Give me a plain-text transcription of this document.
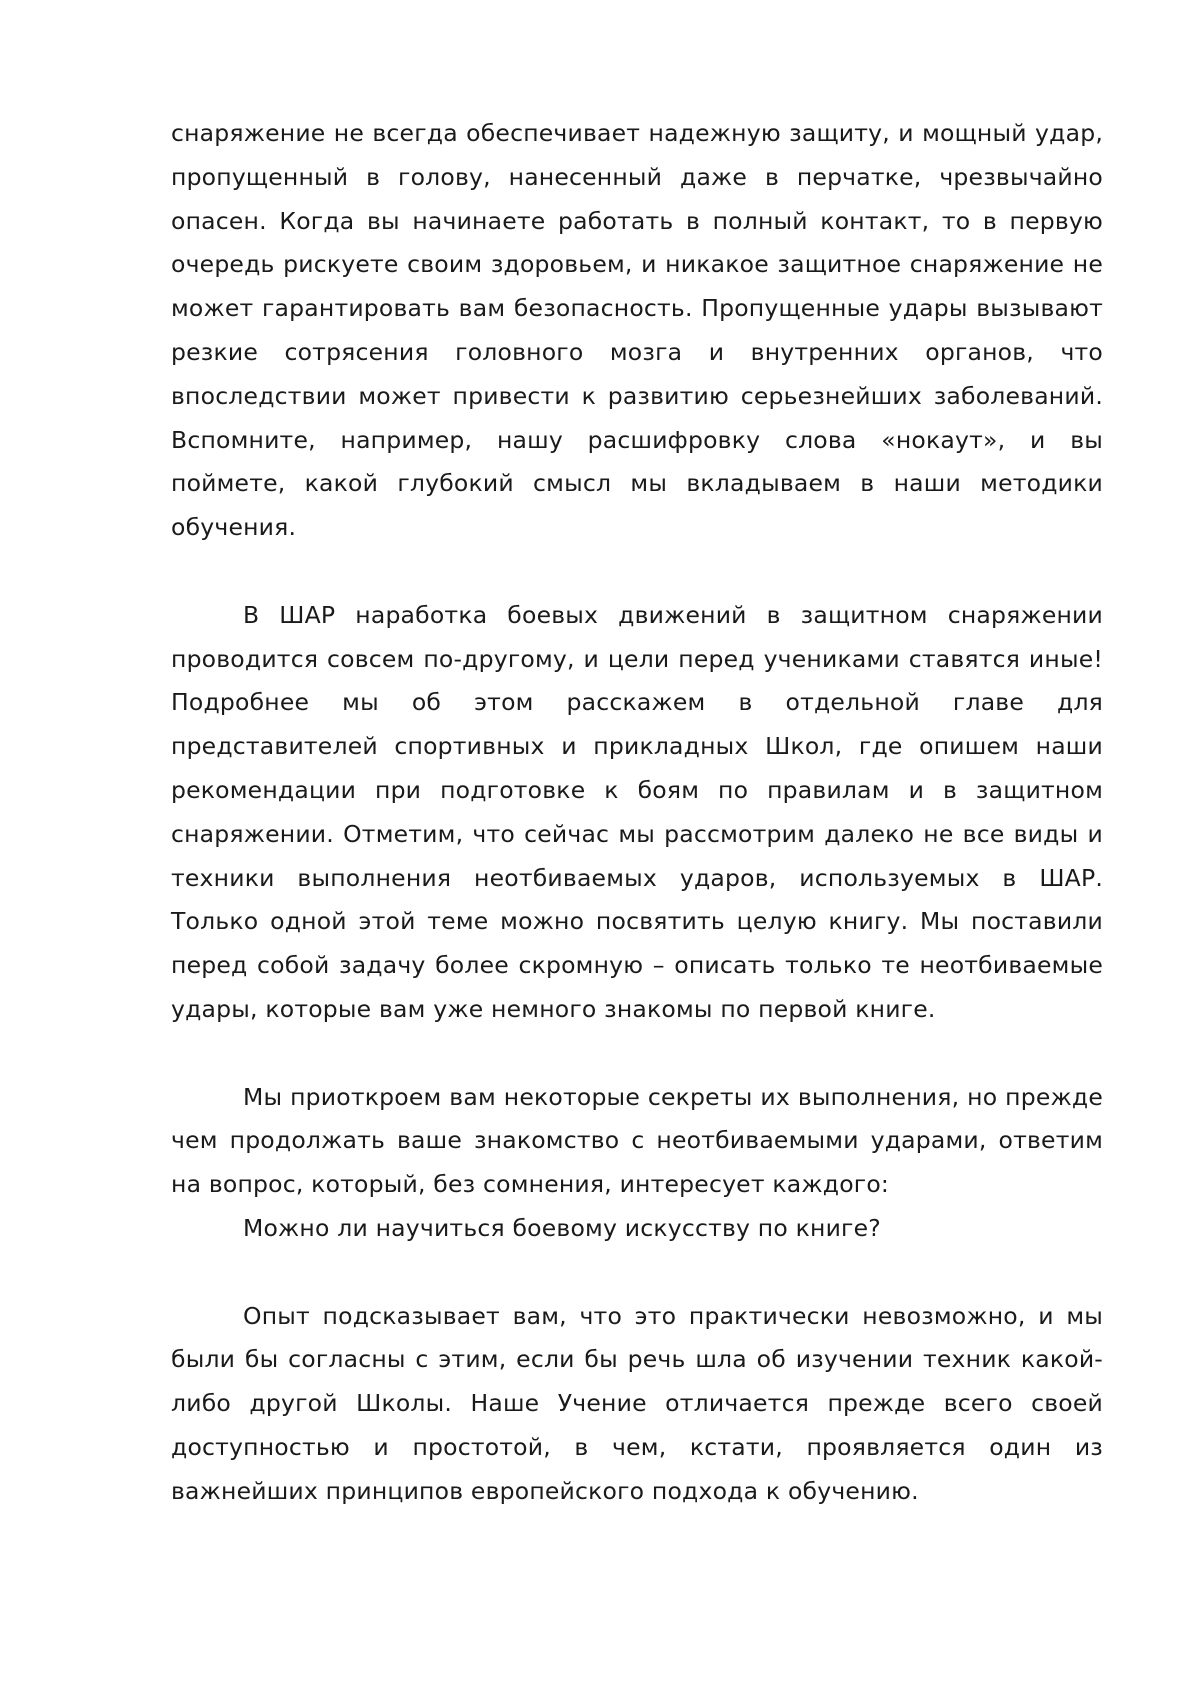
снаряжение не всегда обеспечивает надежную защиту, и мощный удар, пропущенный в голову, нанесенный даже в перчатке, чрезвычайно опасен. Когда вы начинаете работать в полный контакт, то в первую очередь рискуете своим здоровьем, и никакое защитное снаряжение не может гарантировать вам безопасность. Пропущенные удары вызывают резкие сотрясения головного мозга и внутренних органов, что впоследствии может привести к развитию серьезнейших заболеваний. Вспомните, например, нашу расшифровку слова «нокаут», и вы поймете, какой глубокий смысл мы вкладываем в наши методики обучения.

В ШАР наработка боевых движений в защитном снаряжении проводится совсем по-другому, и цели перед учениками ставятся иные! Подробнее мы об этом расскажем в отдельной главе для представителей спортивных и прикладных Школ, где опишем наши рекомендации при подготовке к боям по правилам и в защитном снаряжении. Отметим, что сейчас мы рассмотрим далеко не все виды и техники выполнения неотбиваемых ударов, используемых в ШАР. Только одной этой теме можно посвятить целую книгу. Мы поставили перед собой задачу более скромную – описать только те неотбиваемые удары, которые вам уже немного знакомы по первой книге.

Мы приоткроем вам некоторые секреты их выполнения, но прежде чем продолжать ваше знакомство с неотбиваемыми ударами, ответим на вопрос, который, без сомнения, интересует каждого:

Можно ли научиться боевому искусству по книге?

Опыт подсказывает вам, что это практически невозможно, и мы были бы согласны с этим, если бы речь шла об изучении техник какой-либо другой Школы. Наше Учение отличается прежде всего своей доступностью и простотой, в чем, кстати, проявляется один из важнейших принципов европейского подхода к обучению.
